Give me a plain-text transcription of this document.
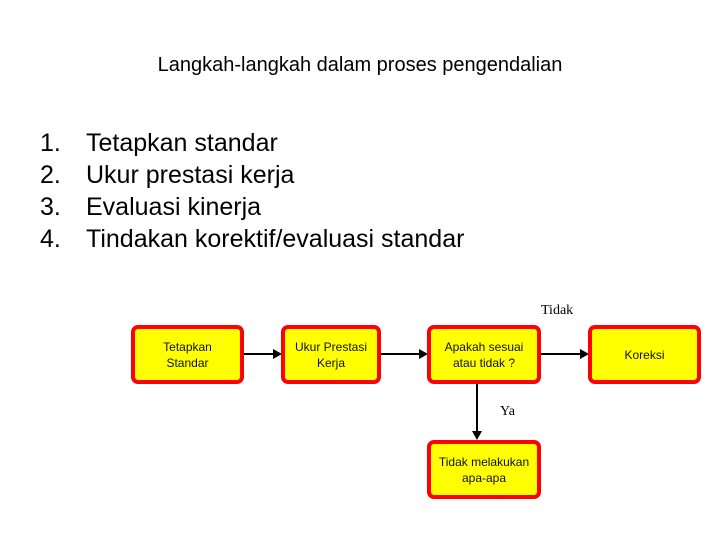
Langkah-langkah dalam proses pengendalian
1.	Tetapkan standar
2.	Ukur prestasi kerja
3.	Evaluasi kinerja
4.	Tindakan korektif/evaluasi standar
Tetapkan
Standar
Ukur Prestasi
Kerja
Apakah sesuai
atau tidak ?
Tidak
Koreksi
Ya
Tidak melakukan
apa-apa
